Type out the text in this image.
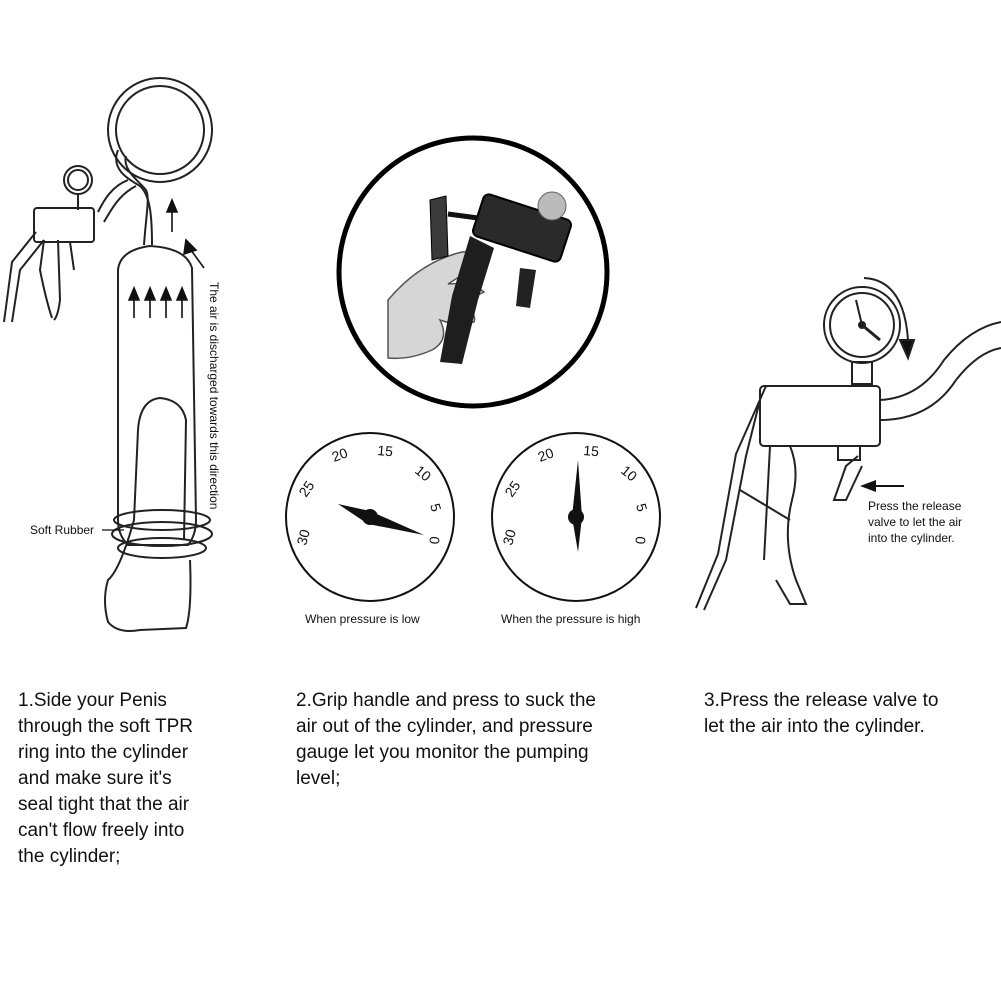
The air is discharged towards this direction
30
25
20 15
10
5
0	30
25
20 15
10
5
0
When pressure is low	When the pressure is high
Press the release
valve to let the air
into the cylinder.
Soft Rubber
1.Side your Penis
through the soft TPR
ring into the cylinder
and make sure it's
seal tight that the air
can't flow freely into
the cylinder;
2.Grip handle and press to suck the
air out of the cylinder, and pressure
gauge let you monitor the pumping
level;
3.Press the release valve to
let the air into the cylinder.
